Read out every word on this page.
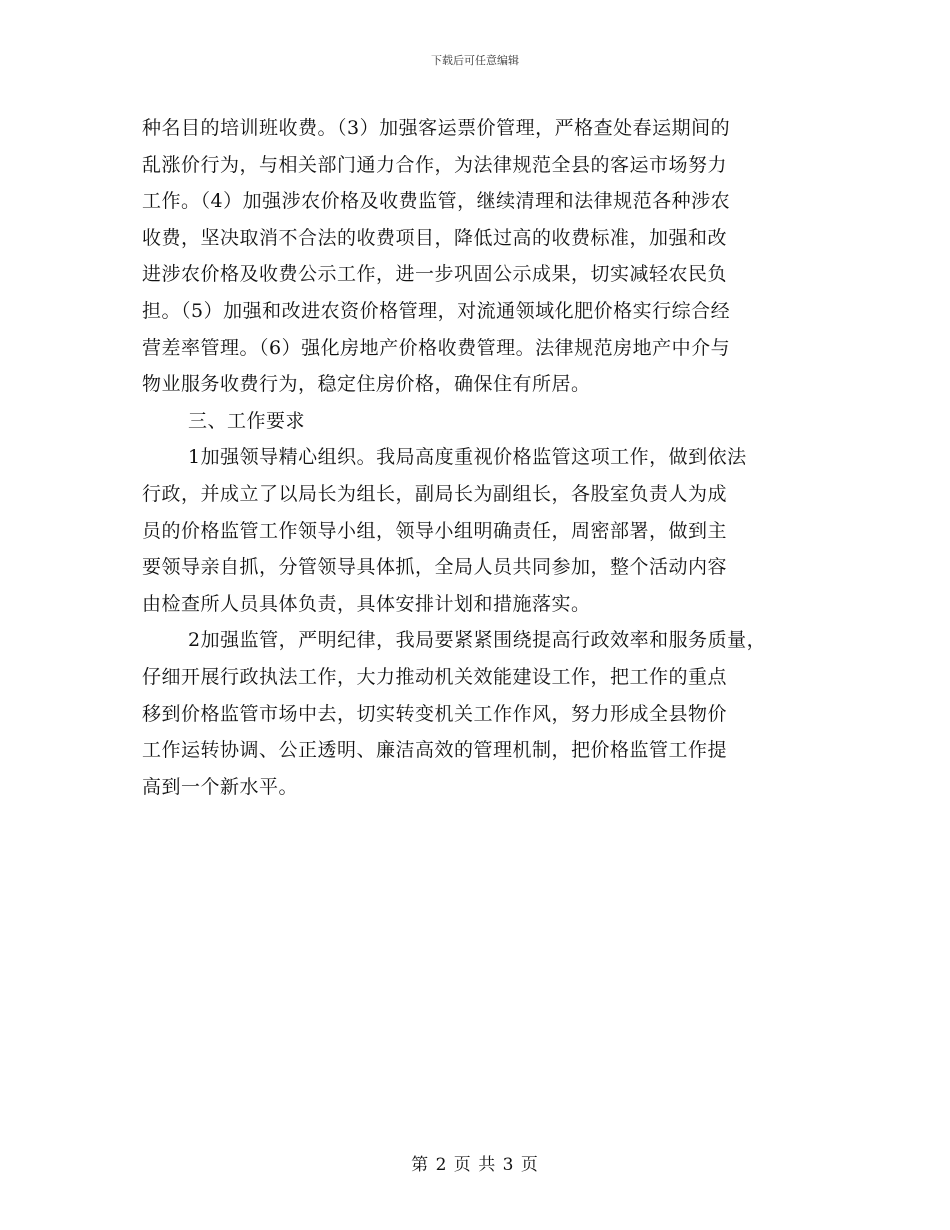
下载后可任意编辑
种名目的培训班收费。（3）加强客运票价管理，严格查处春运期间的
乱涨价行为，与相关部门通力合作，为法律规范全县的客运市场努力
工作。（4）加强涉农价格及收费监管，继续清理和法律规范各种涉农
收费，坚决取消不合法的收费项目，降低过高的收费标准，加强和改
进涉农价格及收费公示工作，进一步巩固公示成果，切实减轻农民负
担。（5）加强和改进农资价格管理，对流通领域化肥价格实行综合经
营差率管理。（6）强化房地产价格收费管理。法律规范房地产中介与
物业服务收费行为，稳定住房价格，确保住有所居。
三、工作要求
1加强领导精心组织。我局高度重视价格监管这项工作，做到依法
行政，并成立了以局长为组长，副局长为副组长，各股室负责人为成
员的价格监管工作领导小组，领导小组明确责任，周密部署，做到主
要领导亲自抓，分管领导具体抓，全局人员共同参加，整个活动内容
由检查所人员具体负责，具体安排计划和措施落实。
2加强监管，严明纪律，我局要紧紧围绕提高行政效率和服务质量，
仔细开展行政执法工作，大力推动机关效能建设工作，把工作的重点
移到价格监管市场中去，切实转变机关工作作风，努力形成全县物价
工作运转协调、公正透明、廉洁高效的管理机制，把价格监管工作提
高到一个新水平。
第 2 页 共 3 页
